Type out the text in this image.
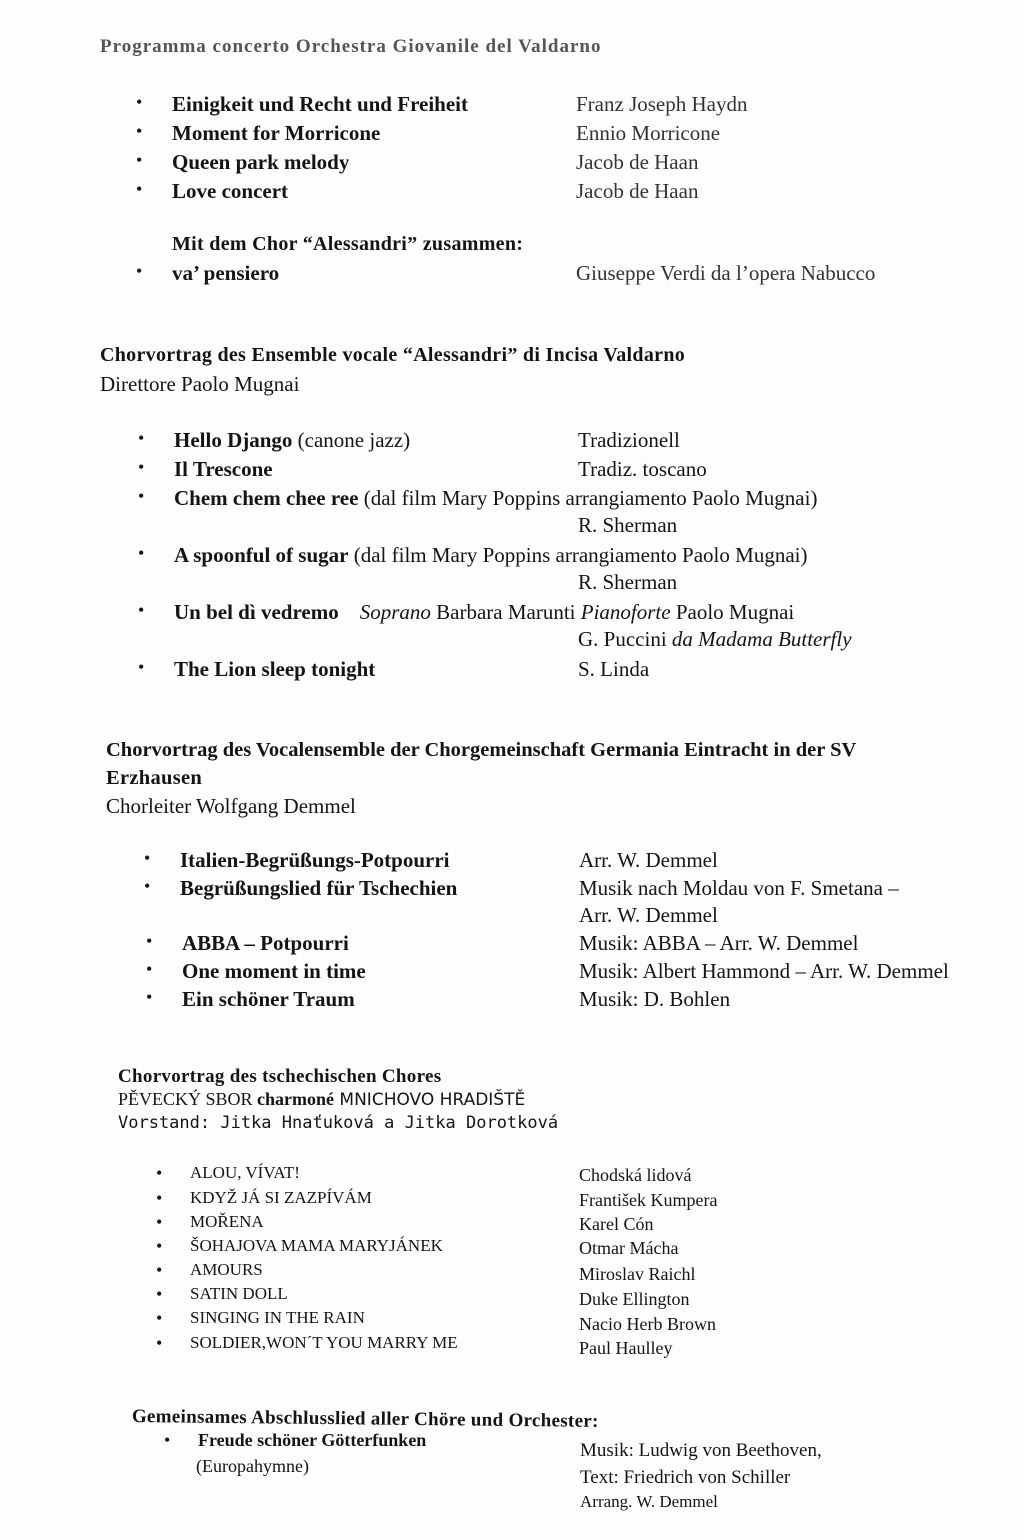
Programma concerto Orchestra Giovanile del Valdarno
• Einigkeit und Recht und Freiheit	Franz Joseph Haydn
• Moment for Morricone	Ennio Morricone
• Queen park melody	Jacob de Haan
• Love concert	Jacob de Haan
Mit dem Chor “Alessandri” zusammen:
• va’ pensiero	Giuseppe Verdi da l’opera Nabucco
Chorvortrag des Ensemble vocale “Alessandri” di Incisa Valdarno
Direttore Paolo Mugnai
• Hello Django (canone jazz)	Tradizionell
• Il Trescone	Tradiz. toscano
• Chem chem chee ree (dal film Mary Poppins arrangiamento Paolo Mugnai)
R. Sherman
• A spoonful of sugar (dal film Mary Poppins arrangiamento Paolo Mugnai)
R. Sherman
• Un bel dì vedremo Soprano Barbara Marunti Pianoforte Paolo Mugnai
G. Puccini da Madama Butterfly
• The Lion sleep tonight	S. Linda
Chorvortrag des Vocalensemble der Chorgemeinschaft Germania Eintracht in der SV
Erzhausen
Chorleiter Wolfgang Demmel
• Italien-Begrüßungs-Potpourri	Arr. W. Demmel
• Begrüßungslied für Tschechien	Musik nach Moldau von F. Smetana –
Arr. W. Demmel
• ABBA – Potpourri	Musik: ABBA – Arr. W. Demmel
• One moment in time	Musik: Albert Hammond – Arr. W. Demmel
• Ein schöner Traum	Musik: D. Bohlen
Chorvortrag des tschechischen Chores
PĚVECKÝ SBOR charmoné MNICHOVO HRADIŠTĚ
Vorstand: Jitka Hnaťuková a Jitka Dorotková
• ALOU, VÍVAT!	Chodská lidová
• KDYŽ JÁ SI ZAZPÍVÁM	František Kumpera
• MOŘENA	Karel Cón
• ŠOHAJOVA MAMA MARYJÁNEK	Otmar Mácha
• AMOURS	Miroslav Raichl
• SATIN DOLL	Duke Ellington
• SINGING IN THE RAIN	Nacio Herb Brown
• SOLDIER,WON´T YOU MARRY ME	Paul Haulley
Gemeinsames Abschlusslied aller Chöre und Orchester:
• Freude schöner Götterfunken
(Europahymne)
Musik: Ludwig von Beethoven,
Text: Friedrich von Schiller
Arrang. W. Demmel
